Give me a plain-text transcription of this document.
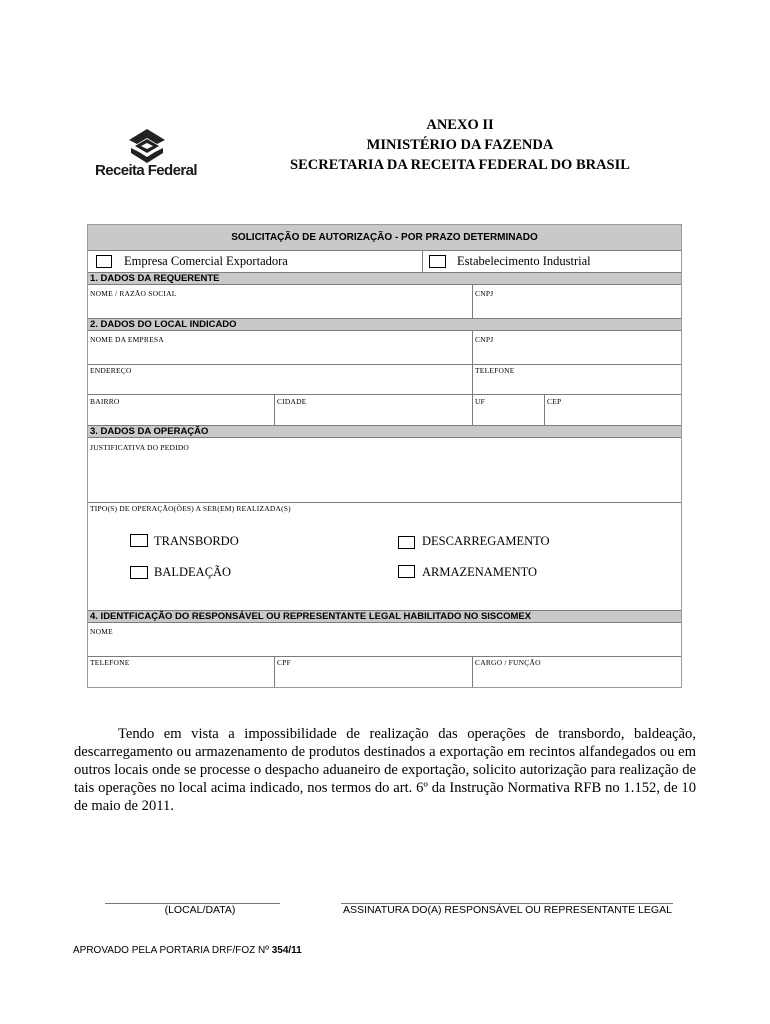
Receita Federal
ANEXO II
MINISTÉRIO DA FAZENDA
SECRETARIA DA RECEITA FEDERAL DO BRASIL
SOLICITAÇÃO DE AUTORIZAÇÃO - POR PRAZO DETERMINADO
Empresa Comercial Exportadora	Estabelecimento Industrial
1. DADOS DA REQUERENTE
NOME / RAZÃO SOCIAL	CNPJ
2. DADOS DO LOCAL INDICADO
NOME DA EMPRESA	CNPJ
ENDEREÇO	TELEFONE
BAIRRO	CIDADE	UF	CEP
3. DADOS DA OPERAÇÃO
JUSTIFICATIVA DO PEDIDO
TIPO(S) DE OPERAÇÃO(ÕES) A SER(EM) REALIZADA(S)
TRANSBORDO	DESCARREGAMENTO
BALDEAÇÃO	ARMAZENAMENTO
4. IDENTFICAÇÃO DO RESPONSÁVEL OU REPRESENTANTE LEGAL HABILITADO NO SISCOMEX
NOME
TELEFONE	CPF	CARGO / FUNÇÃO
Tendo em vista a impossibilidade de realização das operações de transbordo, baldeação, descarregamento ou armazenamento de produtos destinados a exportação em recintos alfandegados ou em outros locais onde se processe o despacho aduaneiro de exportação, solicito autorização para realização de tais operações no local acima indicado, nos termos do art. 6º da Instrução Normativa RFB no 1.152, de 10 de maio de 2011.
(LOCAL/DATA)	ASSINATURA DO(A) RESPONSÁVEL OU REPRESENTANTE LEGAL
APROVADO PELA PORTARIA DRF/FOZ Nº 354/11
